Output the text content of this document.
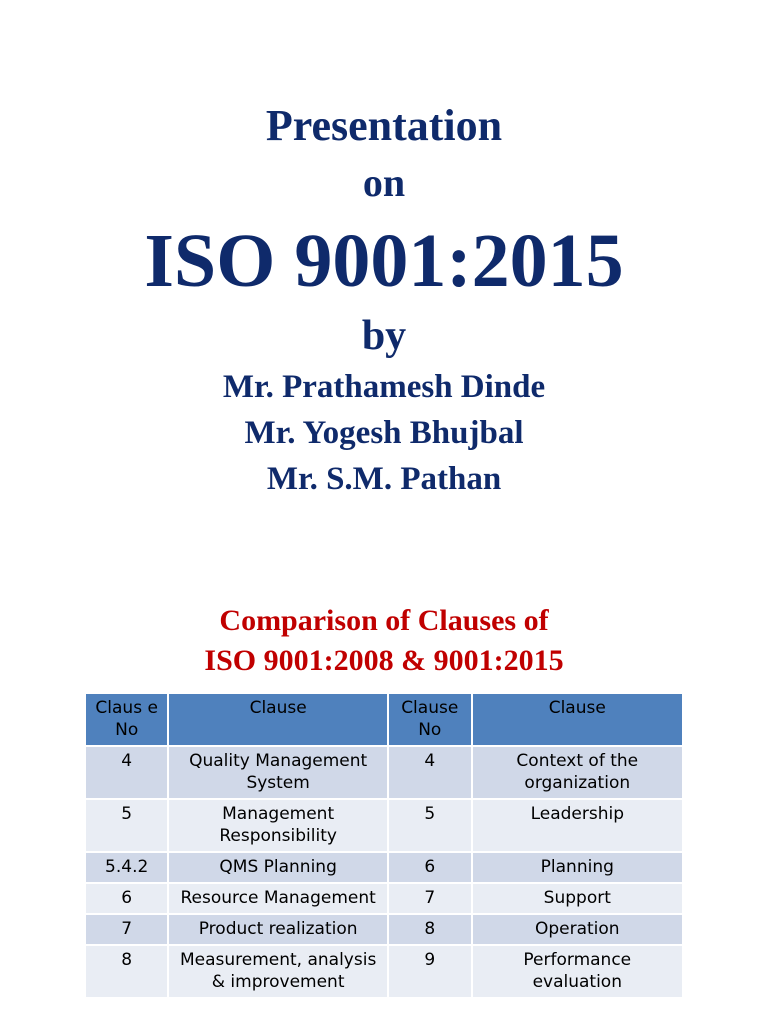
Presentation
on
ISO 9001:2015
by
Mr. Prathamesh Dinde
Mr. Yogesh Bhujbal
Mr. S.M. Pathan
Comparison of Clauses of
ISO 9001:2008 & 9001:2015
Claus e No	Clause	Clause No	Clause
4	Quality Management System	4	Context of the organization
5	Management Responsibility	5	Leadership
5.4.2	QMS Planning	6	Planning
6	Resource Management	7	Support
7	Product realization	8	Operation
8	Measurement, analysis & improvement	9	Performance evaluation
